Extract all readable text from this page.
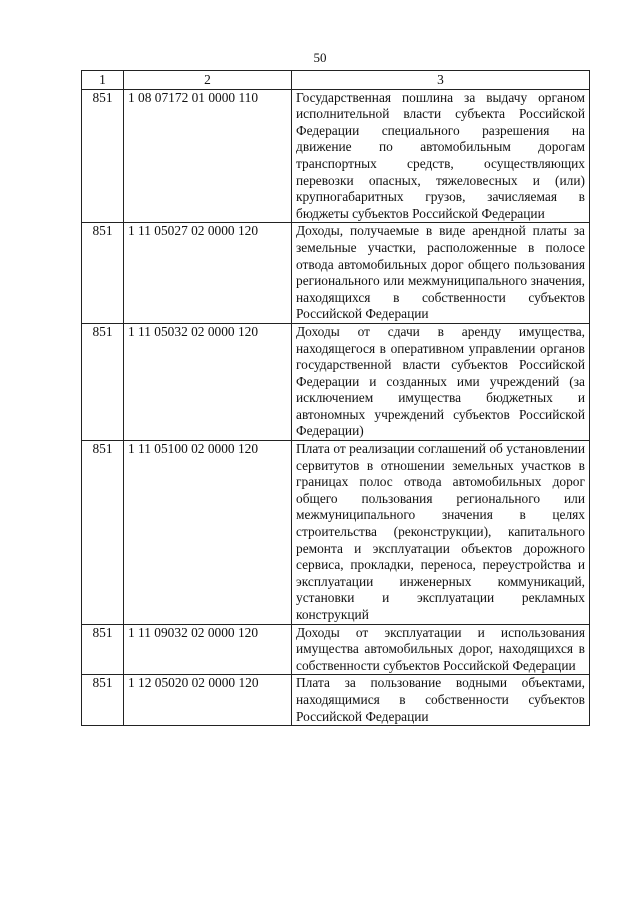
50
1	2	3
851	1 08 07172 01 0000 110	Государственная пошлина за выдачу органом исполнительной власти субъекта Российской Федерации специального разрешения на движение по автомобильным дорогам транспортных средств, осуществляющих перевозки опасных, тяжеловесных и (или) крупногабаритных грузов, зачисляемая в бюджеты субъектов Российской Федерации
851	1 11 05027 02 0000 120	Доходы, получаемые в виде арендной платы за земельные участки, расположенные в полосе отвода автомобильных дорог общего пользования регионального или межмуниципального значения, находящихся в собственности субъектов Российской Федерации
851	1 11 05032 02 0000 120	Доходы от сдачи в аренду имущества, находящегося в оперативном управлении органов государственной власти субъектов Российской Федерации и созданных ими учреждений (за исключением имущества бюджетных и автономных учреждений субъектов Российской Федерации)
851	1 11 05100 02 0000 120	Плата от реализации соглашений об установлении сервитутов в отношении земельных участков в границах полос отвода автомобильных дорог общего пользования регионального или межмуниципального значения в целях строительства (реконструкции), капитального ремонта и эксплуатации объектов дорожного сервиса, прокладки, переноса, переустройства и эксплуатации инженерных коммуникаций, установки и эксплуатации рекламных конструкций
851	1 11 09032 02 0000 120	Доходы от эксплуатации и использования имущества автомобильных дорог, находящихся в собственности субъектов Российской Федерации
851	1 12 05020 02 0000 120	Плата за пользование водными объектами, находящимися в собственности субъектов Российской Федерации
